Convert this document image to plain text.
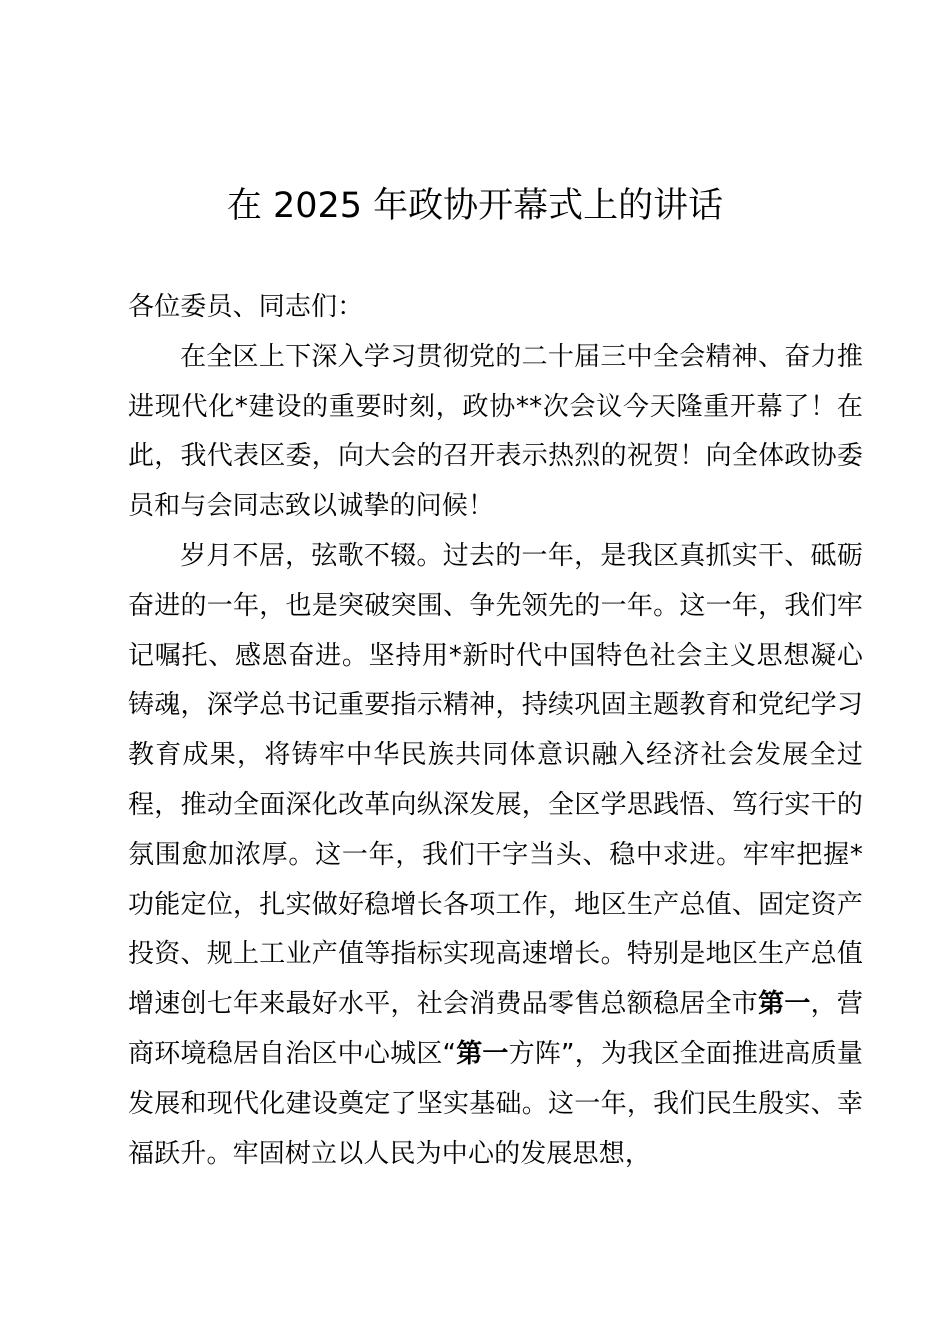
在 2025 年政协开幕式上的讲话

各位委员、同志们：

在全区上下深入学习贯彻党的二十届三中全会精神、奋力推进现代化*建设的重要时刻，政协**次会议今天隆重开幕了！在此，我代表区委，向大会的召开表示热烈的祝贺！向全体政协委员和与会同志致以诚挚的问候！

岁月不居，弦歌不辍。过去的一年，是我区真抓实干、砥砺奋进的一年，也是突破突围、争先领先的一年。这一年，我们牢记嘱托、感恩奋进。坚持用*新时代中国特色社会主义思想凝心铸魂，深学总书记重要指示精神，持续巩固主题教育和党纪学习教育成果，将铸牢中华民族共同体意识融入经济社会发展全过程，推动全面深化改革向纵深发展，全区学思践悟、笃行实干的氛围愈加浓厚。这一年，我们干字当头、稳中求进。牢牢把握*功能定位，扎实做好稳增长各项工作，地区生产总值、固定资产投资、规上工业产值等指标实现高速增长。特别是地区生产总值增速创七年来最好水平，社会消费品零售总额稳居全市第一，营商环境稳居自治区中心城区“第一方阵”，为我区全面推进高质量发展和现代化建设奠定了坚实基础。这一年，我们民生殷实、幸福跃升。牢固树立以人民为中心的发展思想，
